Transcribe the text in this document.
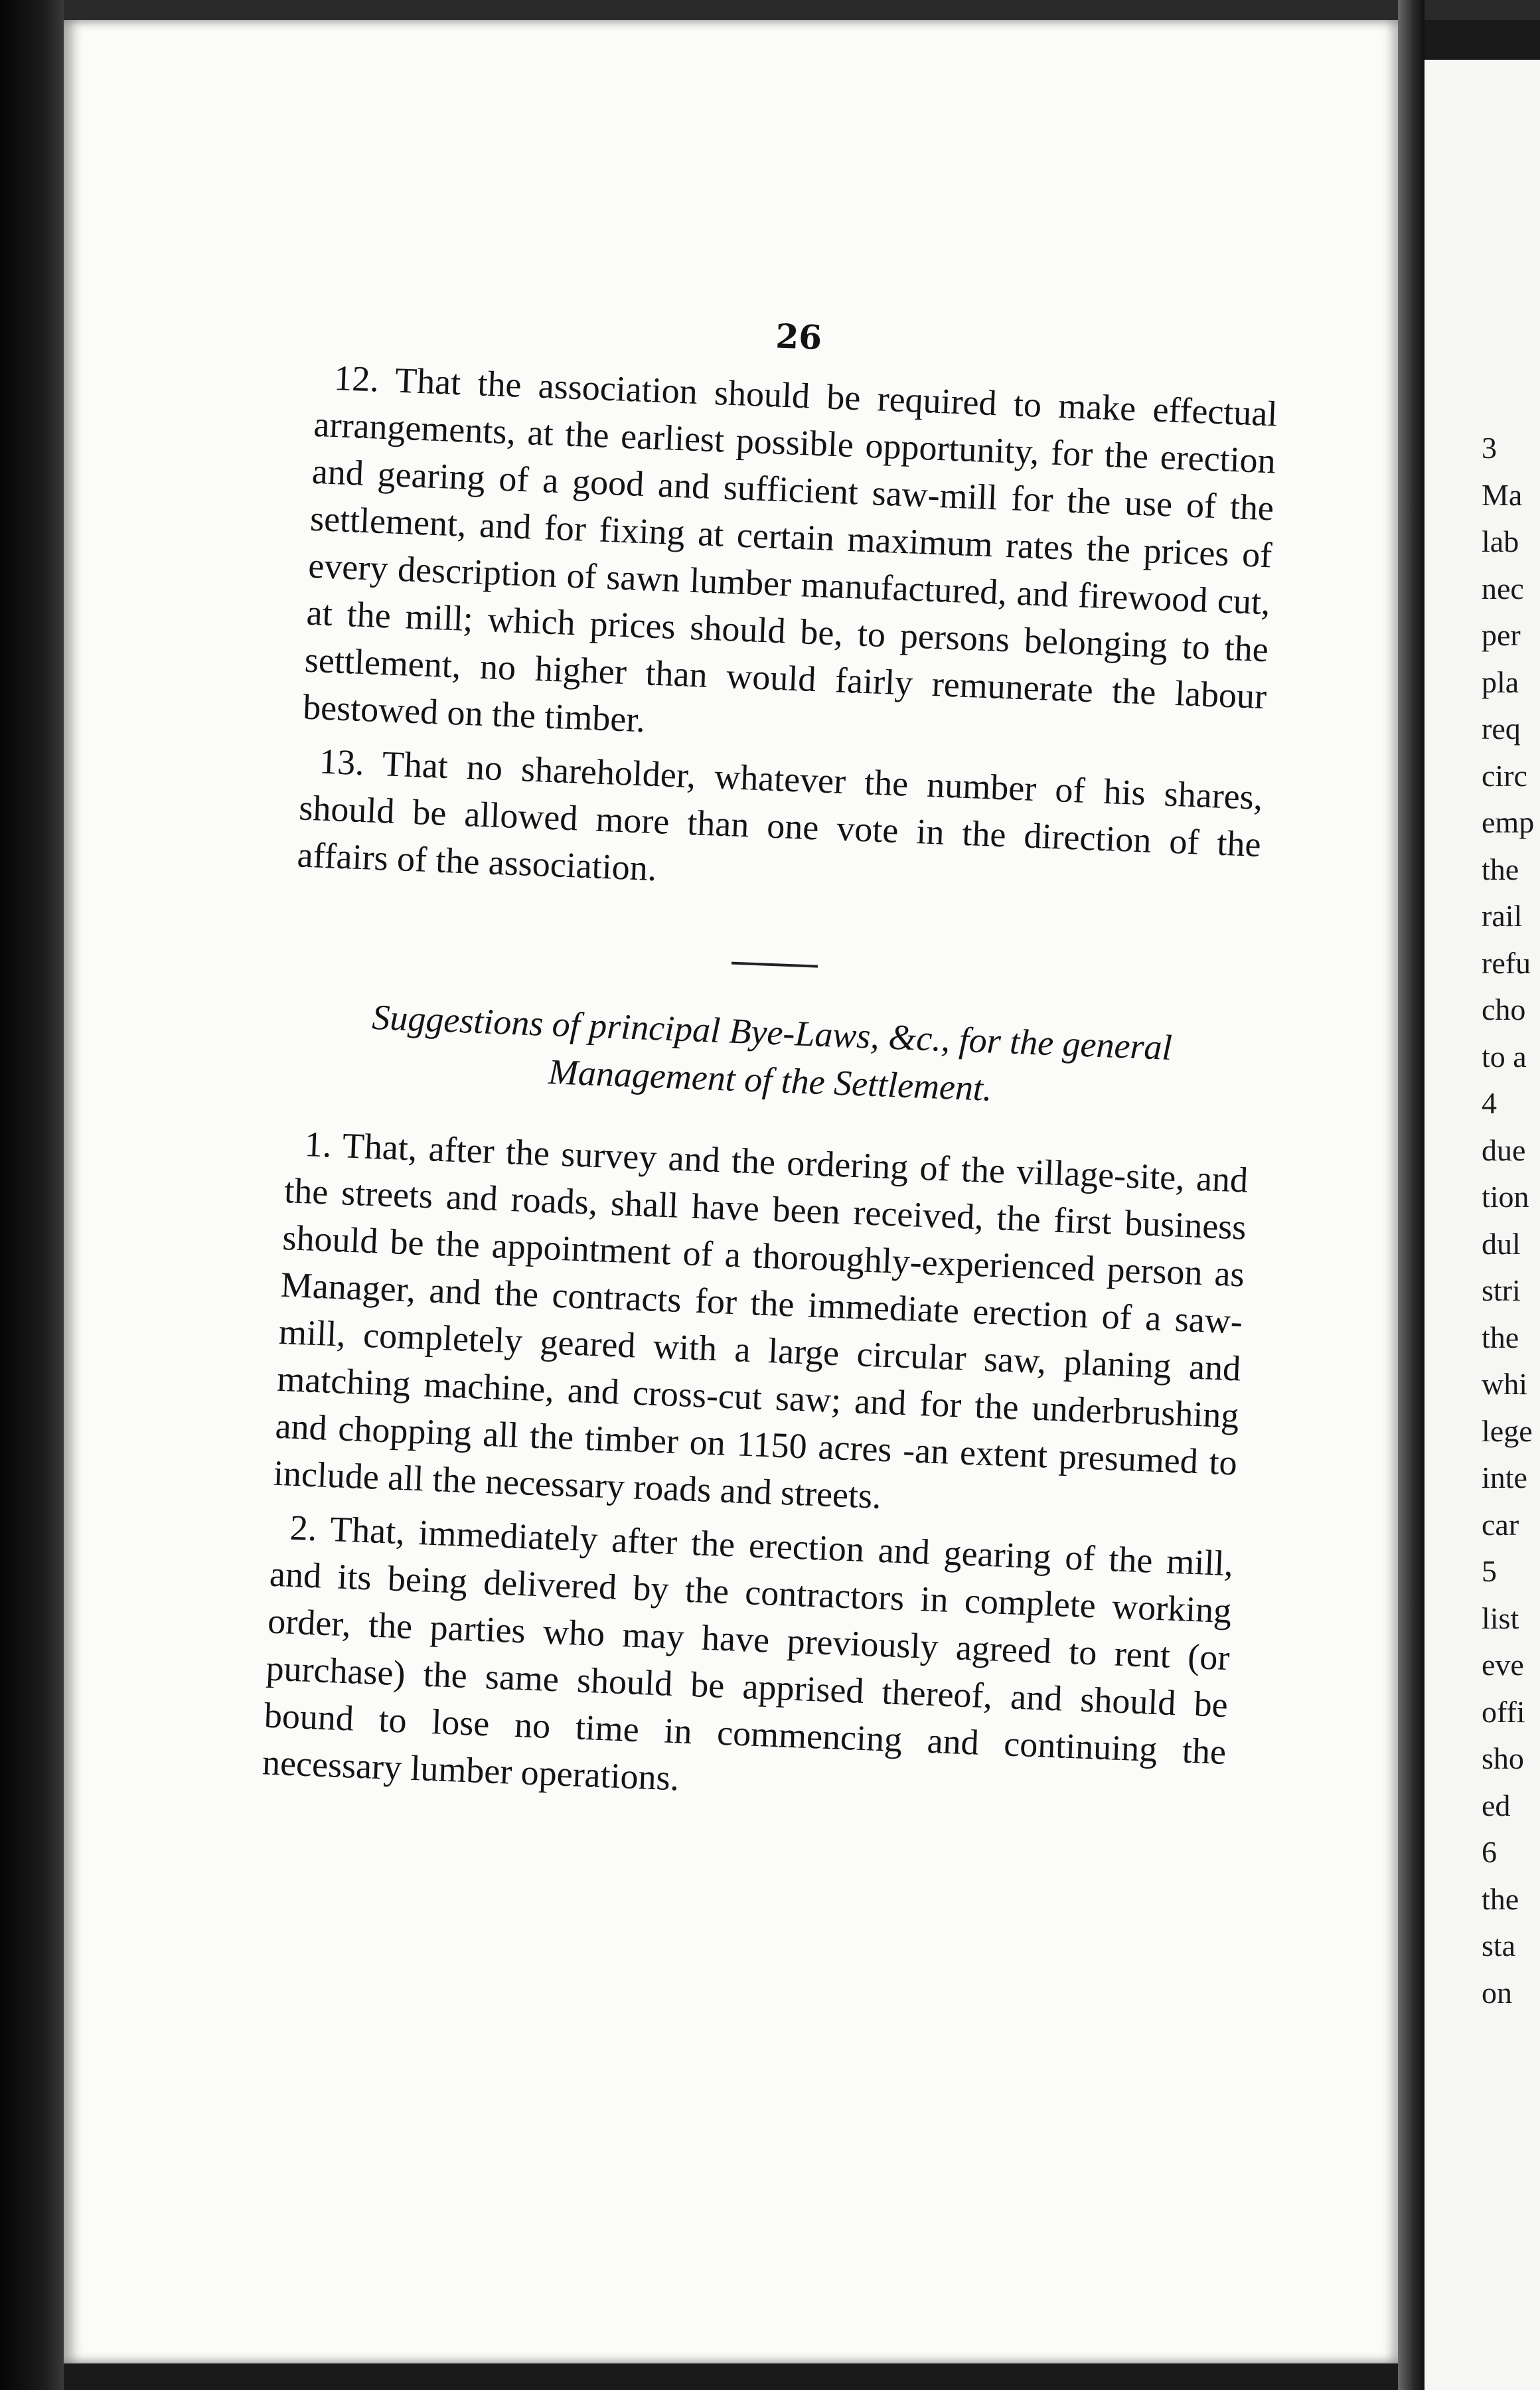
26

12. That the association should be required to make effectual arrangements, at the earliest possible opportunity, for the erection and gearing of a good and sufficient saw-mill for the use of the settlement, and for fixing at certain maximum rates the prices of every description of sawn lumber manufactured, and firewood cut, at the mill; which prices should be, to persons belonging to the settlement, no higher than would fairly remunerate the labour bestowed on the timber.

13. That no shareholder, whatever the number of his shares, should be allowed more than one vote in the direction of the affairs of the association.

Suggestions of principal Bye-Laws, &c., for the general
Management of the Settlement.

1. That, after the survey and the ordering of the village-site, and the streets and roads, shall have been received, the first business should be the appointment of a thoroughly-experienced person as Manager, and the contracts for the immediate erection of a saw-mill, completely geared with a large circular saw, planing and matching machine, and cross-cut saw; and for the underbrushing and chopping all the timber on 1150 acres -an extent presumed to include all the necessary roads and streets.

2. That, immediately after the erection and gearing of the mill, and its being delivered by the contractors in complete working order, the parties who may have previously agreed to rent (or purchase) the same should be apprised thereof, and should be bound to lose no time in commencing and continuing the necessary lumber operations.

3
Ma
lab
nec
per
pla
req
circ
emp
the
rail
refu
cho
to a
4
due
tion
dul
stri
the
whi
lege
inte
car
5
list
eve
offi
sho
ed
6
the
sta
on
